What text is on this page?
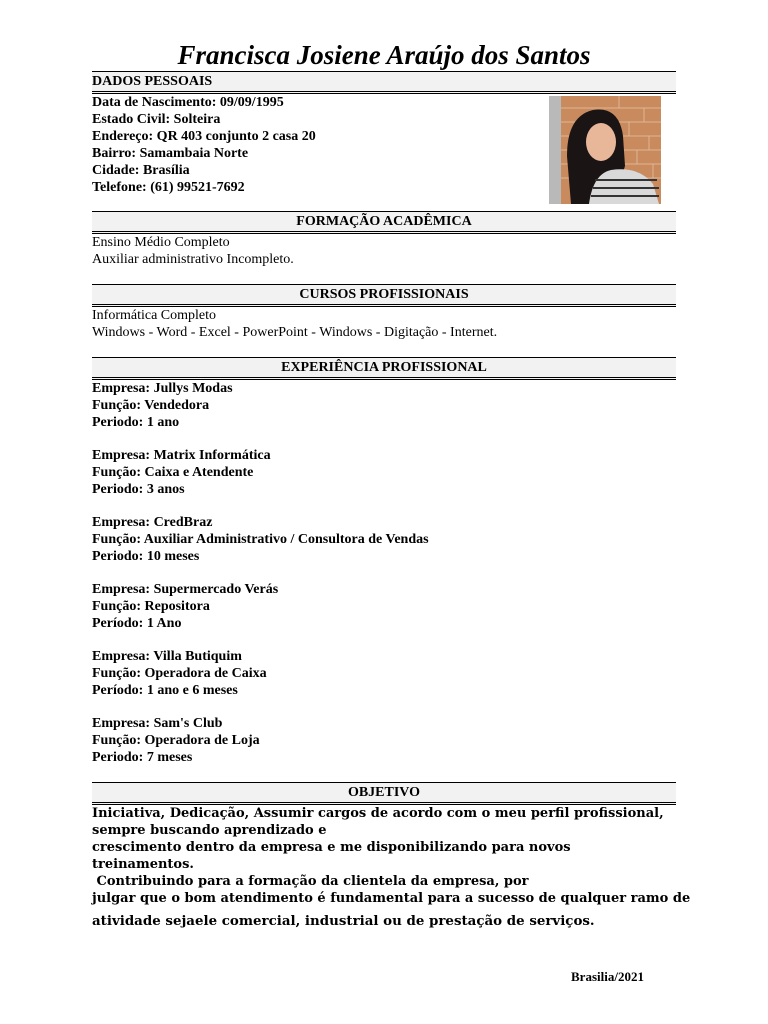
Francisca Josiene Araújo dos Santos
DADOS PESSOAIS
Data de Nascimento: 09/09/1995
Estado Civil: Solteira
Endereço: QR 403 conjunto 2 casa 20
Bairro: Samambaia Norte
Cidade: Brasília
Telefone: (61) 99521-7692
FORMAÇÃO ACADÊMICA
Ensino Médio Completo
Auxiliar administrativo Incompleto.
CURSOS PROFISSIONAIS
Informática Completo
Windows - Word - Excel - PowerPoint - Windows - Digitação - Internet.
EXPERIÊNCIA PROFISSIONAL
Empresa: Jullys Modas
Função: Vendedora
Periodo: 1 ano
Empresa: Matrix Informática
Função: Caixa e Atendente
Periodo: 3 anos
Empresa: CredBraz
Função: Auxiliar Administrativo / Consultora de Vendas
Periodo: 10 meses
Empresa: Supermercado Verás
Função: Repositora
Período: 1 Ano
Empresa: Villa Butiquim
Função: Operadora de Caixa
Período: 1 ano e 6 meses
Empresa: Sam's Club
Função: Operadora de Loja
Periodo: 7 meses
OBJETIVO
Iniciativa, Dedicação, Assumir cargos de acordo com o meu perfil profissional,
sempre buscando aprendizado e
crescimento dentro da empresa e me disponibilizando para novos
treinamentos.
Contribuindo para a formação da clientela da empresa, por
julgar que o bom atendimento é fundamental para a sucesso de qualquer ramo de
atividade sejaele comercial, industrial ou de prestação de serviços.
Brasilia/2021
